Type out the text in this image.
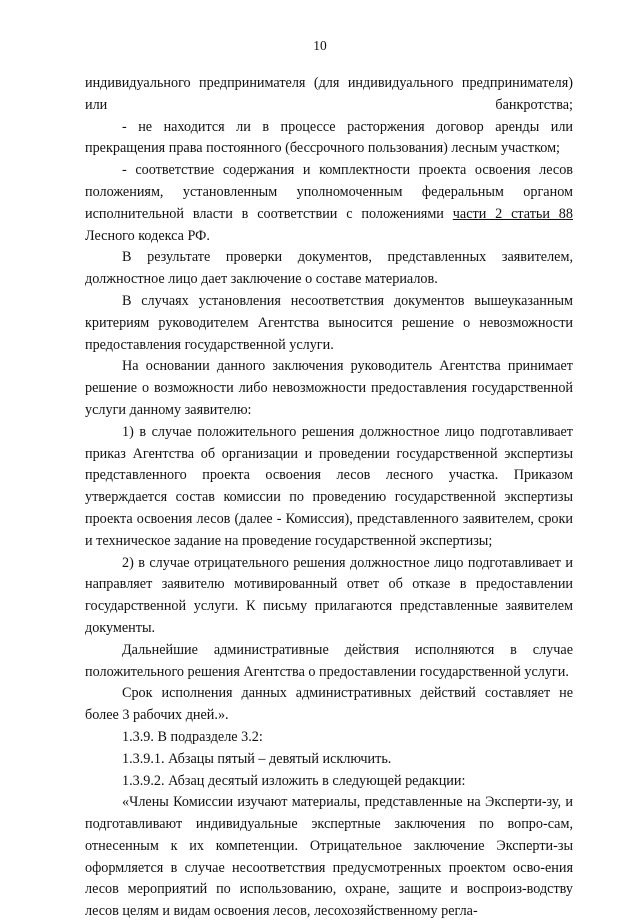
10

индивидуального предпринимателя (для индивидуального предпринимателя) или банкротства;

- не находится ли в процессе расторжения договор аренды или прекращения права постоянного (бессрочного пользования) лесным участком;

- соответствие содержания и комплектности проекта освоения лесов положениям, установленным уполномоченным федеральным органом исполнительной власти в соответствии с положениями части 2 статьи 88 Лесного кодекса РФ.

В результате проверки документов, представленных заявителем, должностное лицо дает заключение о составе материалов.

В случаях установления несоответствия документов вышеуказанным критериям руководителем Агентства выносится решение о невозможности предоставления государственной услуги.

На основании данного заключения руководитель Агентства принимает решение о возможности либо невозможности предоставления государственной услуги данному заявителю:

1) в случае положительного решения должностное лицо подготавливает приказ Агентства об организации и проведении государственной экспертизы представленного проекта освоения лесов лесного участка. Приказом утверждается состав комиссии по проведению государственной экспертизы проекта освоения лесов (далее - Комиссия), представленного заявителем, сроки и техническое задание на проведение государственной экспертизы;

2) в случае отрицательного решения должностное лицо подготавливает и направляет заявителю мотивированный ответ об отказе в предоставлении государственной услуги. К письму прилагаются представленные заявителем документы.

Дальнейшие административные действия исполняются в случае положительного решения Агентства о предоставлении государственной услуги.

Срок исполнения данных административных действий составляет не более 3 рабочих дней.».

1.3.9. В подразделе 3.2:

1.3.9.1. Абзацы пятый – девятый исключить.

1.3.9.2. Абзац десятый изложить в следующей редакции:

«Члены Комиссии изучают материалы, представленные на Эксперти-зу, и подготавливают индивидуальные экспертные заключения по вопро-сам, отнесенным к их компетенции. Отрицательное заключение Эксперти-зы оформляется в случае несоответствия предусмотренных проектом осво-ения лесов мероприятий по использованию, охране, защите и воспроиз-водству лесов целям и видам освоения лесов, лесохозяйственному регла-
